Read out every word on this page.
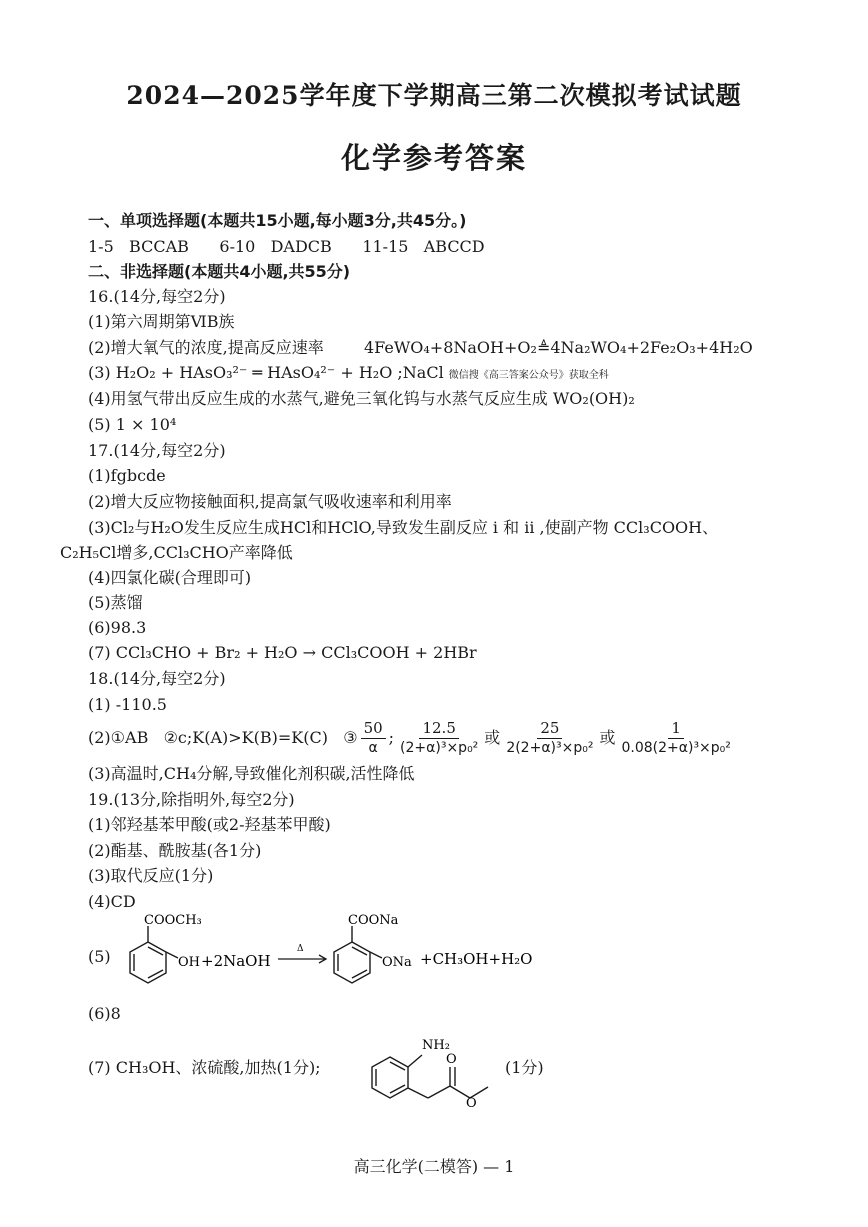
2024—2025学年度下学期高三第二次模拟考试试题
化学参考答案
一、单项选择题(本题共15小题,每小题3分,共45分。)
1-5   BCCAB      6-10   DADCB      11-15   ABCCD
二、非选择题(本题共4小题,共55分)
16.(14分,每空2分)
(1)第六周期第ⅥB族
(2)增大氧气的浓度,提高反应速率	4FeWO₄+8NaOH+O₂≜4Na₂WO₄+2Fe₂O₃+4H₂O
(3) H₂O₂ + HAsO₃²⁻ ═ HAsO₄²⁻ + H₂O ;NaCl 微信搜《高三答案公众号》获取全科
(4)用氢气带出反应生成的水蒸气,避免三氧化钨与水蒸气反应生成 WO₂(OH)₂
(5) 1 × 10⁴
17.(14分,每空2分)
(1)fgbcde
(2)增大反应物接触面积,提高氯气吸收速率和利用率
(3)Cl₂与H₂O发生反应生成HCl和HClO,导致发生副反应 ⅰ 和 ⅱ ,使副产物 CCl₃COOH、
C₂H₅Cl增多,CCl₃CHO产率降低
(4)四氯化碳(合理即可)
(5)蒸馏
(6)98.3
(7) CCl₃CHO + Br₂ + H₂O → CCl₃COOH + 2HBr
18.(14分,每空2分)
(1) -110.5
(2)①AB   ②c;K(A)>K(B)=K(C)   ③ $\frac{50}{\alpha}$ ; $\frac{12.5}{\text{(2+α)³×p₀²}}$ 或 $\frac{25}{\text{2(2+α)³×p₀²}}$ 或 $\frac{1}{\text{0.08(2+α)³×p₀²}}$
(3)高温时,CH₄分解,导致催化剂积碳,活性降低
19.(13分,除指明外,每空2分)
(1)邻羟基苯甲酸(或2-羟基苯甲酸)
(2)酯基、酰胺基(各1分)
(3)取代反应(1分)
(4)CD
(5)
COOCH₃
OH +2NaOH
Δ
COONa
ONa +CH₃OH+H₂O
(6)8
(7) CH₃OH、浓硫酸,加热(1分);
NH₂
O
O
(1分)
高三化学(二模答) — 1
